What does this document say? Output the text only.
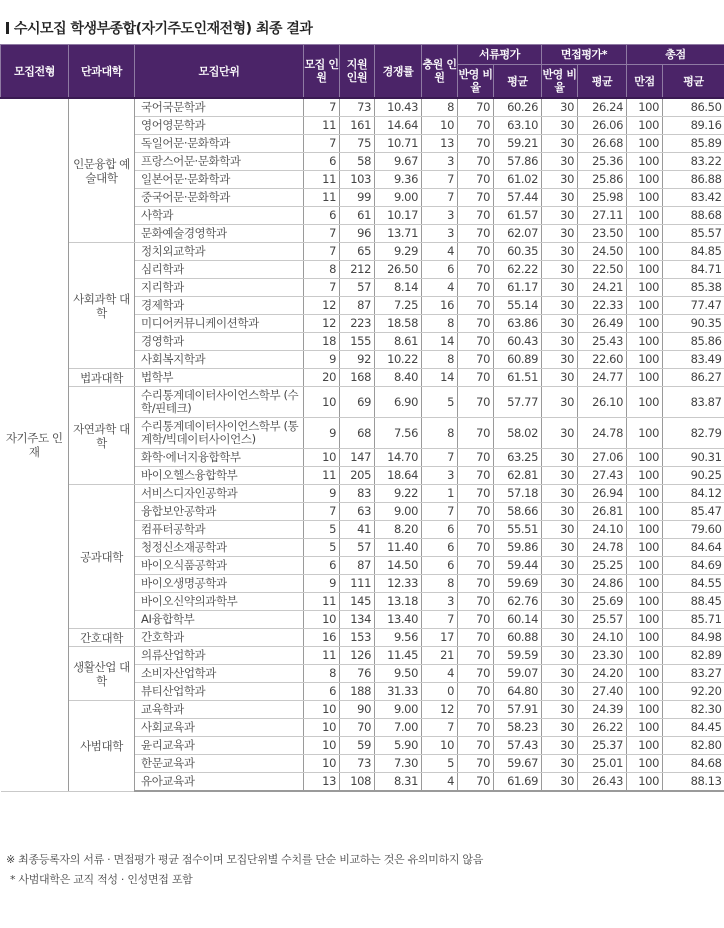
수시모집 학생부종합(자기주도인재전형) 최종 결과
모집전형	단과대학	모집단위	모집 인원	지원 인원	경쟁률	충원 인원	서류평가		면접평가*		총점	
							반영 비율	평균	반영 비율	평균	만점	평균
자기주도 인재	인문융합 예술대학	국어국문학과	7	73	10.43	8	70	60.26	30	26.24	100	86.50
		영어영문학과	11	161	14.64	10	70	63.10	30	26.06	100	89.16
		독일어문·문화학과	7	75	10.71	13	70	59.21	30	26.68	100	85.89
		프랑스어문·문화학과	6	58	9.67	3	70	57.86	30	25.36	100	83.22
		일본어문·문화학과	11	103	9.36	7	70	61.02	30	25.86	100	86.88
		중국어문·문화학과	11	99	9.00	7	70	57.44	30	25.98	100	83.42
		사학과	6	61	10.17	3	70	61.57	30	27.11	100	88.68
		문화예술경영학과	7	96	13.71	3	70	62.07	30	23.50	100	85.57
	사회과학 대학	정치외교학과	7	65	9.29	4	70	60.35	30	24.50	100	84.85
		심리학과	8	212	26.50	6	70	62.22	30	22.50	100	84.71
		지리학과	7	57	8.14	4	70	61.17	30	24.21	100	85.38
		경제학과	12	87	7.25	16	70	55.14	30	22.33	100	77.47
		미디어커뮤니케이션학과	12	223	18.58	8	70	63.86	30	26.49	100	90.35
		경영학과	18	155	8.61	14	70	60.43	30	25.43	100	85.86
		사회복지학과	9	92	10.22	8	70	60.89	30	22.60	100	83.49
	법과대학	법학부	20	168	8.40	14	70	61.51	30	24.77	100	86.27
	자연과학 대학	수리통계데이터사이언스학부 (수학/핀테크)	10	69	6.90	5	70	57.77	30	26.10	100	83.87
		수리통계데이터사이언스학부 (통계학/빅데이터사이언스)	9	68	7.56	8	70	58.02	30	24.78	100	82.79
		화학·에너지융합학부	10	147	14.70	7	70	63.25	30	27.06	100	90.31
		바이오헬스융합학부	11	205	18.64	3	70	62.81	30	27.43	100	90.25
	공과대학	서비스디자인공학과	9	83	9.22	1	70	57.18	30	26.94	100	84.12
		융합보안공학과	7	63	9.00	7	70	58.66	30	26.81	100	85.47
		컴퓨터공학과	5	41	8.20	6	70	55.51	30	24.10	100	79.60
		청정신소재공학과	5	57	11.40	6	70	59.86	30	24.78	100	84.64
		바이오식품공학과	6	87	14.50	6	70	59.44	30	25.25	100	84.69
		바이오생명공학과	9	111	12.33	8	70	59.69	30	24.86	100	84.55
		바이오신약의과학부	11	145	13.18	3	70	62.76	30	25.69	100	88.45
		AI융합학부	10	134	13.40	7	70	60.14	30	25.57	100	85.71
	간호대학	간호학과	16	153	9.56	17	70	60.88	30	24.10	100	84.98
	생활산업 대학	의류산업학과	11	126	11.45	21	70	59.59	30	23.30	100	82.89
		소비자산업학과	8	76	9.50	4	70	59.07	30	24.20	100	83.27
		뷰티산업학과	6	188	31.33	0	70	64.80	30	27.40	100	92.20
	사범대학	교육학과	10	90	9.00	12	70	57.91	30	24.39	100	82.30
		사회교육과	10	70	7.00	7	70	58.23	30	26.22	100	84.45
		윤리교육과	10	59	5.90	10	70	57.43	30	25.37	100	82.80
		한문교육과	10	73	7.30	5	70	59.67	30	25.01	100	84.68
		유아교육과	13	108	8.31	4	70	61.69	30	26.43	100	88.13
※ 최종등록자의 서류 · 면접평가 평균 점수이며 모집단위별 수치를 단순 비교하는 것은 유의미하지 않음
* 사범대학은 교직 적성 · 인성면접 포함
